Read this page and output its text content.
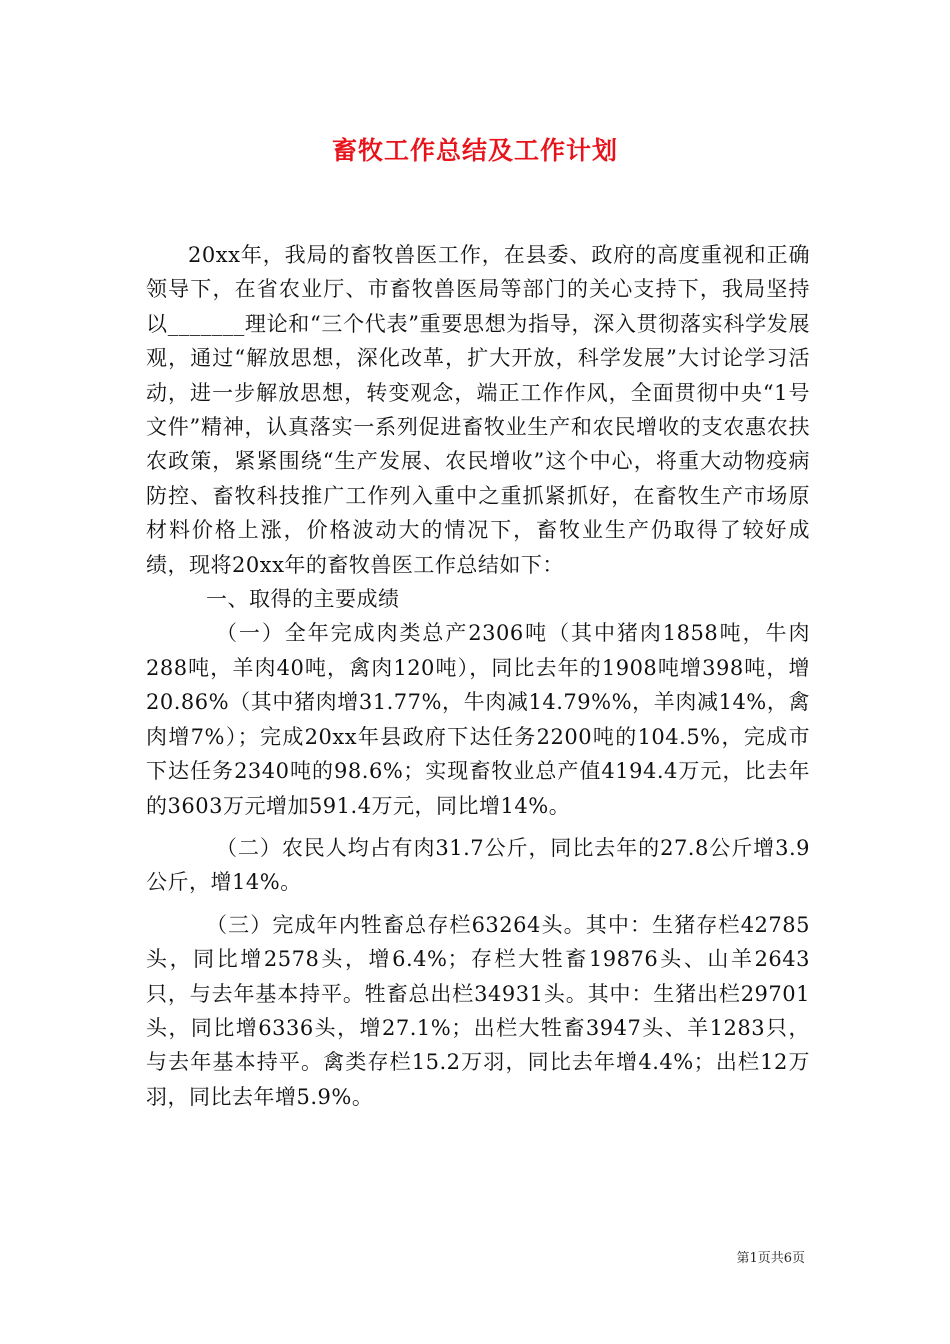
畜牧工作总结及工作计划

20xx年，我局的畜牧兽医工作，在县委、政府的高度重视和正确领导下，在省农业厅、市畜牧兽医局等部门的关心支持下，我局坚持以_______理论和“三个代表”重要思想为指导，深入贯彻落实科学发展观，通过“解放思想，深化改革，扩大开放，科学发展”大讨论学习活动，进一步解放思想，转变观念，端正工作作风，全面贯彻中央“1号文件”精神，认真落实一系列促进畜牧业生产和农民增收的支农惠农扶农政策，紧紧围绕“生产发展、农民增收”这个中心，将重大动物疫病防控、畜牧科技推广工作列入重中之重抓紧抓好，在畜牧生产市场原材料价格上涨，价格波动大的情况下，畜牧业生产仍取得了较好成绩，现将20xx年的畜牧兽医工作总结如下：

一、取得的主要成绩

（一）全年完成肉类总产2306吨（其中猪肉1858吨，牛肉288吨，羊肉40吨，禽肉120吨），同比去年的1908吨增398吨，增20.86%（其中猪肉增31.77%，牛肉减14.79%%，羊肉减14%，禽肉增7%）；完成20xx年县政府下达任务2200吨的104.5%，完成市下达任务2340吨的98.6%；实现畜牧业总产值4194.4万元，比去年的3603万元增加591.4万元，同比增14%。

（二）农民人均占有肉31.7公斤，同比去年的27.8公斤增3.9公斤，增14%。

（三）完成年内牲畜总存栏63264头。其中：生猪存栏42785头，同比增2578头，增6.4%；存栏大牲畜19876头、山羊2643只，与去年基本持平。牲畜总出栏34931头。其中：生猪出栏29701头，同比增6336头，增27.1%；出栏大牲畜3947头、羊1283只，与去年基本持平。禽类存栏15.2万羽，同比去年增4.4%；出栏12万羽，同比去年增5.9%。

第1页共6页
